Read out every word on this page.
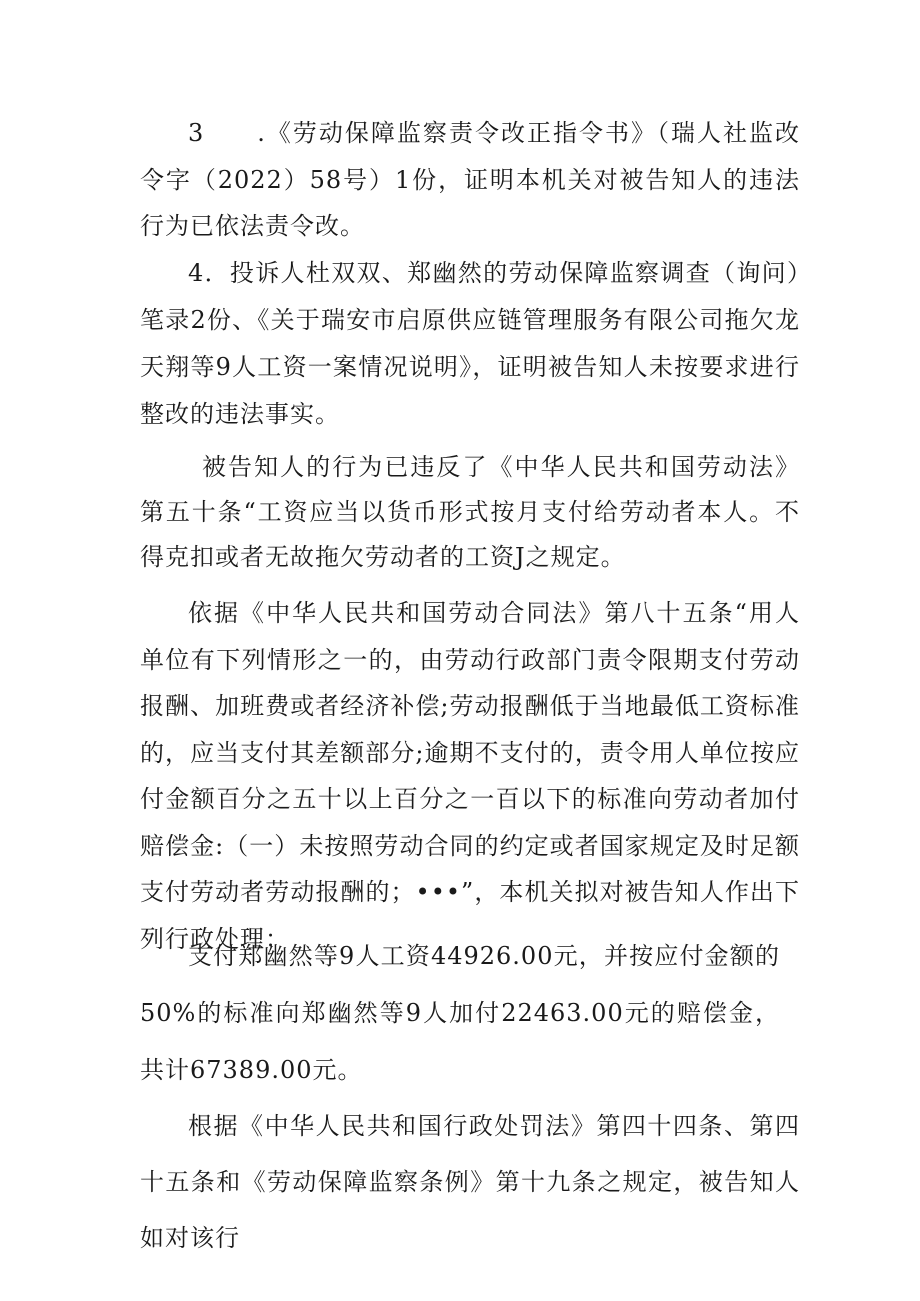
3　　.《劳动保障监察责令改正指令书》（瑞人社监改令字（2022）58号）1份，证明本机关对被告知人的违法行为已依法责令改。

4．投诉人杜双双、郑幽然的劳动保障监察调查（询问）笔录2份、《关于瑞安市启原供应链管理服务有限公司拖欠龙天翔等9人工资一案情况说明》，证明被告知人未按要求进行整改的违法事实。

被告知人的行为已违反了《中华人民共和国劳动法》第五十条“工资应当以货币形式按月支付给劳动者本人。不得克扣或者无故拖欠劳动者的工资J之规定。

依据《中华人民共和国劳动合同法》第八十五条“用人单位有下列情形之一的，由劳动行政部门责令限期支付劳动报酬、加班费或者经济补偿;劳动报酬低于当地最低工资标准的，应当支付其差额部分;逾期不支付的，责令用人单位按应付金额百分之五十以上百分之一百以下的标准向劳动者加付赔偿金:（一）未按照劳动合同的约定或者国家规定及时足额支付劳动者劳动报酬的；•••”，本机关拟对被告知人作出下列行政处理：

支付郑幽然等9人工资44926.00元，并按应付金额的50%的标准向郑幽然等9人加付22463.00元的赔偿金，共计67389.00元。

根据《中华人民共和国行政处罚法》第四十四条、第四十五条和《劳动保障监察条例》第十九条之规定，被告知人如对该行
